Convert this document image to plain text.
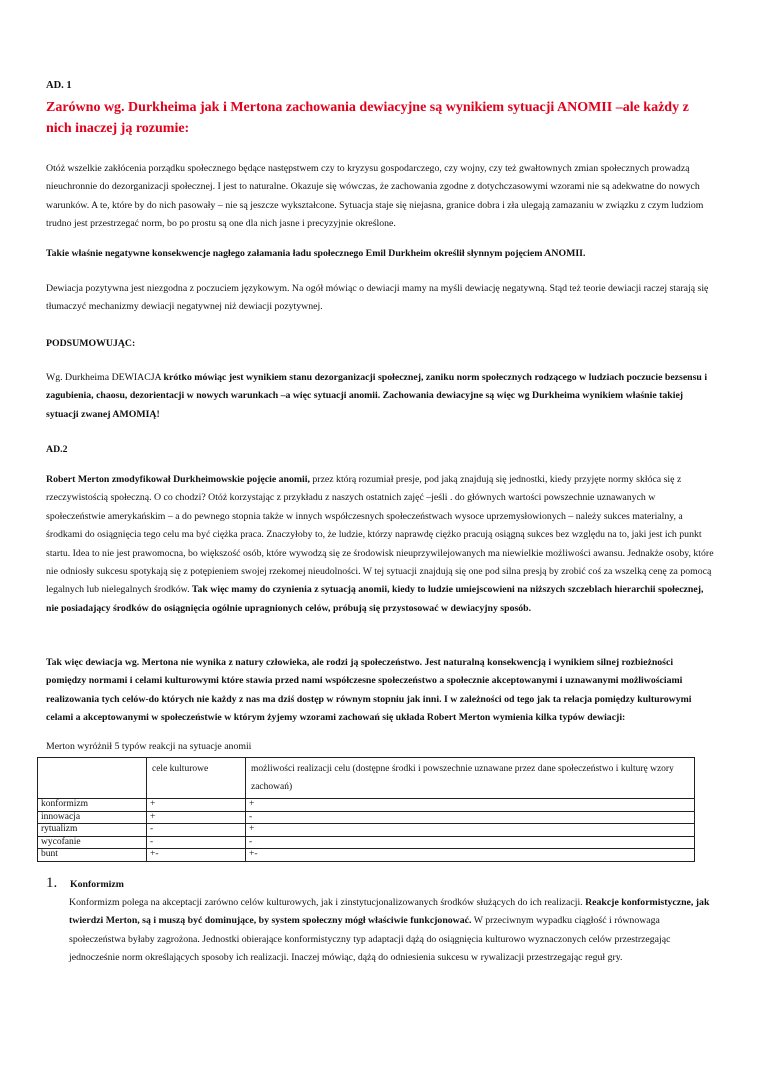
AD. 1

Zarówno wg. Durkheima jak i Mertona zachowania dewiacyjne są wynikiem sytuacji ANOMII –ale każdy z nich inaczej ją rozumie:

Otóż wszelkie zakłócenia porządku społecznego będące następstwem czy to kryzysu gospodarczego, czy wojny, czy też gwałtownych zmian społecznych prowadzą nieuchronnie do dezorganizacji społecznej. I jest to naturalne. Okazuje się wówczas, że zachowania zgodne z dotychczasowymi wzorami nie są adekwatne do nowych warunków. A te, które by do nich pasowały – nie są jeszcze wykształcone. Sytuacja staje się niejasna, granice dobra i zła ulegają zamazaniu w związku z czym ludziom trudno jest przestrzegać norm, bo po prostu są one dla nich jasne i precyzyjnie określone.

Takie właśnie negatywne konsekwencje nagłego załamania ładu społecznego Emil Durkheim określił słynnym pojęciem ANOMII.

Dewiacja pozytywna jest niezgodna z poczuciem językowym. Na ogół mówiąc o dewiacji mamy na myśli dewiację negatywną. Stąd też teorie dewiacji raczej starają się tłumaczyć mechanizmy dewiacji negatywnej niż dewiacji pozytywnej.

PODSUMOWUJĄC:

Wg. Durkheima DEWIACJA krótko mówiąc jest wynikiem stanu dezorganizacji społecznej, zaniku norm społecznych rodzącego w ludziach poczucie bezsensu i zagubienia, chaosu, dezorientacji w nowych warunkach –a więc sytuacji anomii. Zachowania dewiacyjne są więc wg Durkheima wynikiem właśnie takiej sytuacji zwanej AMOMIĄ!

AD.2

Robert Merton zmodyfikował Durkheimowskie pojęcie anomii, przez którą rozumiał presje, pod jaką znajdują się jednostki, kiedy przyjęte normy skłóca się z rzeczywistością społeczną. O co chodzi? Otóż korzystając z przykładu z naszych ostatnich zajęć –jeśli . do głównych wartości powszechnie uznawanych w społeczeństwie amerykańskim – a do pewnego stopnia także w innych współczesnych społeczeństwach wysoce uprzemysłowionych – należy sukces materialny, a środkami do osiągnięcia tego celu ma być ciężka praca. Znaczyłoby to, że ludzie, którzy naprawdę ciężko pracują osiągną sukces bez względu na to, jaki jest ich punkt startu. Idea to nie jest prawomocna, bo większość osób, które wywodzą się ze środowisk nieuprzywilejowanych ma niewielkie możliwości awansu. Jednakże osoby, które nie odniosły sukcesu spotykają się z potępieniem swojej rzekomej nieudolności. W tej sytuacji znajdują się one pod silna presją by zrobić coś za wszelką cenę za pomocą legalnych lub nielegalnych środków. Tak więc mamy do czynienia z sytuacją anomii, kiedy to ludzie umiejscowieni na niższych szczeblach hierarchii społecznej, nie posiadający środków do osiągnięcia ogólnie upragnionych celów, próbują się przystosować w dewiacyjny sposób.

Tak więc dewiacja wg. Mertona nie wynika z natury człowieka, ale rodzi ją społeczeństwo. Jest naturalną konsekwencją i wynikiem silnej rozbieżności pomiędzy normami i celami kulturowymi które stawia przed nami współczesne społeczeństwo a społecznie akceptowanymi i uznawanymi możliwościami realizowania tych celów-do których nie każdy z nas ma dziś dostęp w równym stopniu jak inni. I w zależności od tego jak ta relacja pomiędzy kulturowymi celami a akceptowanymi w społeczeństwie w którym żyjemy wzorami zachowań się układa Robert Merton wymienia kilka typów dewiacji:

Merton wyróżnił 5 typów reakcji na sytuacje anomii

	cele kulturowe	możliwości realizacji celu (dostępne środki i powszechnie uznawane przez dane społeczeństwo i kulturę wzory zachowań)
konformizm	+	+
innowacja	+	-
rytualizm	-	+
wycofanie	-	-
bunt	+-	+-
1. Konformizm

Konformizm polega na akceptacji zarówno celów kulturowych, jak i zinstytucjonalizowanych środków służących do ich realizacji. Reakcje konformistyczne, jak twierdzi Merton, są i muszą być dominujące, by system społeczny mógł właściwie funkcjonować. W przeciwnym wypadku ciągłość i równowaga społeczeństwa byłaby zagrożona. Jednostki obierające konformistyczny typ adaptacji dążą do osiągnięcia kulturowo wyznaczonych celów przestrzegając jednocześnie norm określających sposoby ich realizacji. Inaczej mówiąc, dążą do odniesienia sukcesu w rywalizacji przestrzegając reguł gry.
